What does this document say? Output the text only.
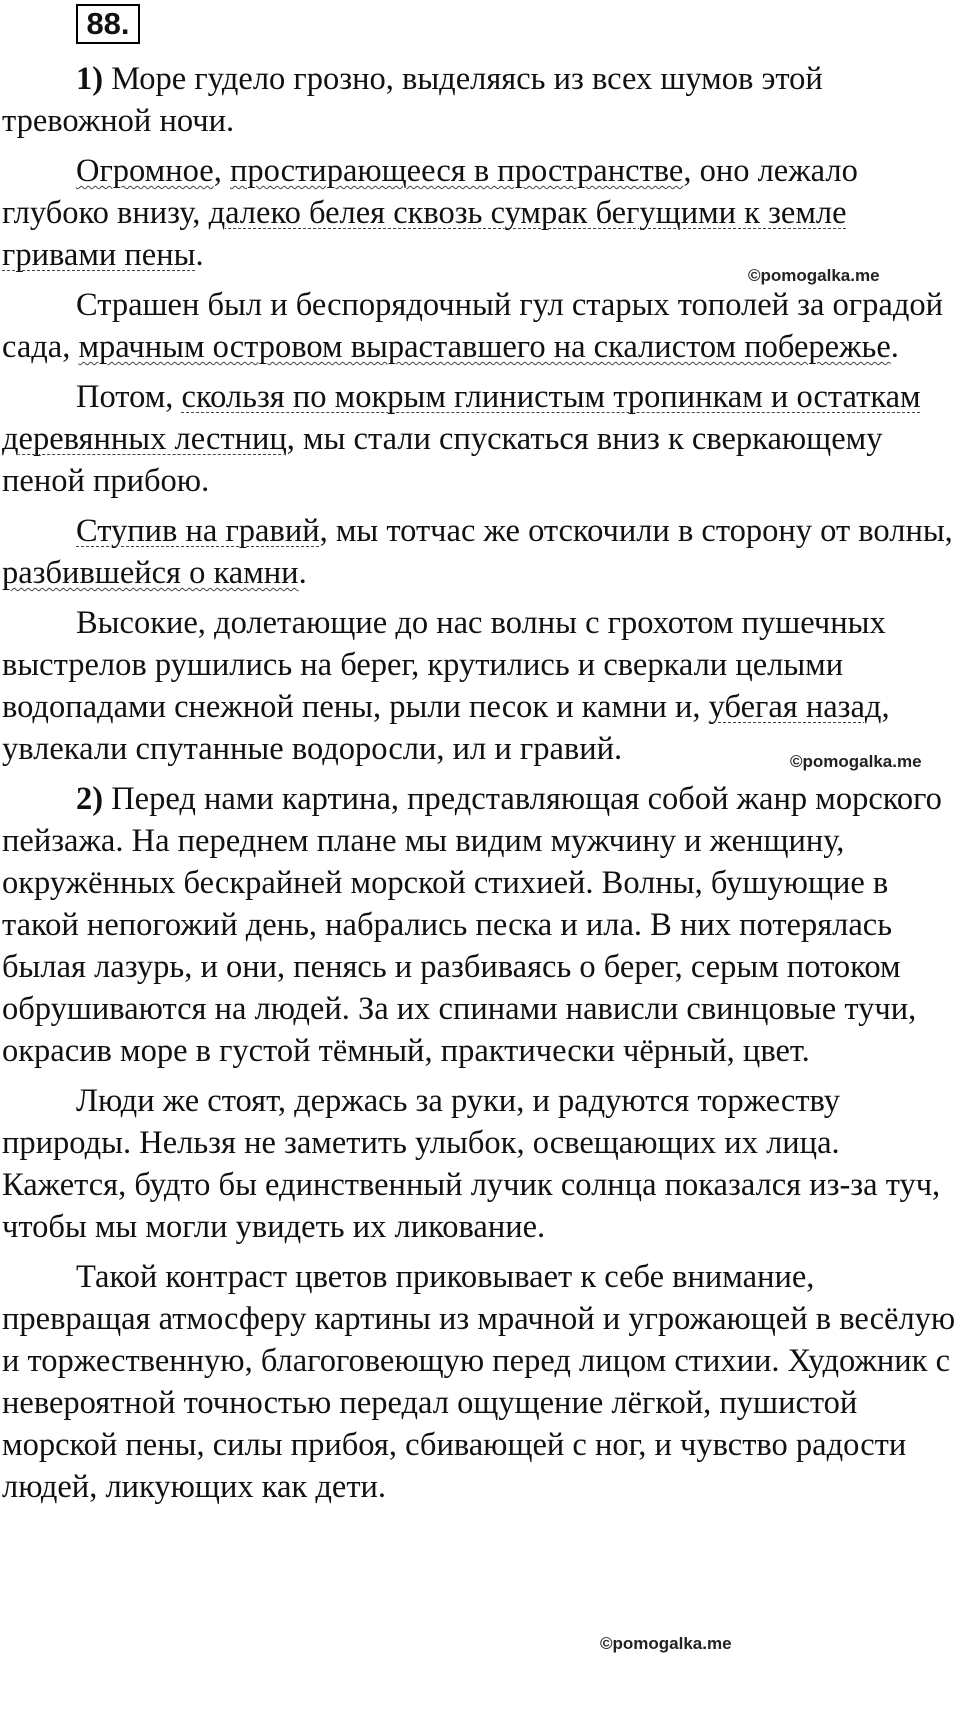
88.

1) Море гудело грозно, выделяясь из всех шумов этой тревожной ночи.

Огромное, простирающееся в пространстве, оно лежало глубоко внизу, далеко белея сквозь сумрак бегущими к земле гривами пены.

Страшен был и беспорядочный гул старых тополей за оградой сада, мрачным островом выраставшего на скалистом побережье.

Потом, скользя по мокрым глинистым тропинкам и остаткам деревянных лестниц, мы стали спускаться вниз к сверкающему пеной прибою.

Ступив на гравий, мы тотчас же отскочили в сторону от волны, разбившейся о камни.

Высокие, долетающие до нас волны с грохотом пушечных выстрелов рушились на берег, крутились и сверкали целыми водопадами снежной пены, рыли песок и камни и, убегая назад, увлекали спутанные водоросли, ил и гравий.

2) Перед нами картина, представляющая собой жанр морского пейзажа. На переднем плане мы видим мужчину и женщину, окружённых бескрайней морской стихией. Волны, бушующие в такой непогожий день, набрались песка и ила. В них потерялась былая лазурь, и они, пенясь и разбиваясь о берег, серым потоком обрушиваются на людей. За их спинами нависли свинцовые тучи, окрасив море в густой тёмный, практически чёрный, цвет.

Люди же стоят, держась за руки, и радуются торжеству природы. Нельзя не заметить улыбок, освещающих их лица. Кажется, будто бы единственный лучик солнца показался из-за туч, чтобы мы могли увидеть их ликование.

Такой контраст цветов приковывает к себе внимание, превращая атмосферу картины из мрачной и угрожающей в весёлую и торжественную, благоговеющую перед лицом стихии. Художник с невероятной точностью передал ощущение лёгкой, пушистой морской пены, силы прибоя, сбивающей с ног, и чувство радости людей, ликующих как дети.

©pomogalka.me
©pomogalka.me
©pomogalka.me
